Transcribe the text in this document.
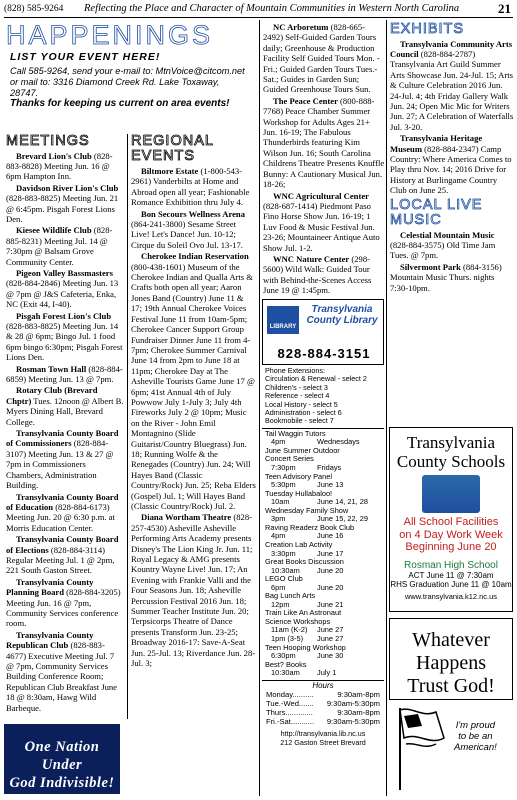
(828) 585-9264 Reflecting the Place and Character of Mountain Communities in Western North Carolina	21
HAPPENINGS
LIST YOUR EVENT HERE!
Call 585-9264, send your e-mail to: MtnVoice@citcom.net
or mail to: 3316 Diamond Creek Rd. Lake Toxaway, 28747.
Thanks for keeping us current on area events!
MEETINGS

Brevard Lion's Club (828-883-8828) Meeting Jun. 16 @ 6pm Hampton Inn.

Davidson River Lion's Club (828-883-8825) Meeting Jun. 21 @ 6:45pm. Pisgah Forest Lions Den.

Kiesee Wildlife Club (828-885-8231) Meeting Jul. 14 @ 7:30pm @ Balsam Grove Community Center.

Pigeon Valley Bassmasters (828-884-2846) Meeting Jun. 13 @ 7pm @ J&S Cafeteria, Enka, NC (Exit 44, I-40).

Pisgah Forest Lion's Club (828-883-8825) Meeting Jun. 14 & 28 @ 6pm; Bingo Jul. 1 food 6pm bingo 6:30pm; Pisgah Forest Lions Den.

Rosman Town Hall (828-884-6859) Meeting Jun. 13 @ 7pm.

Rotary Club (Brevard Chptr) Tues. 12noon @ Albert B. Myers Dining Hall, Brevard College.

Transylvania County Board of Commissioners (828-884-3107) Meeting Jun. 13 & 27 @ 7pm in Commissioners Chambers, Administration Building.

Transylvania County Board of Education (828-884-6173) Meeting Jun. 20 @ 6:30 p.m. at Morris Education Center.

Transylvania County Board of Elections (828-884-3114) Regular Meeting Jul. 1 @ 2pm, 221 South Gaston Street.

Transylvania County Planning Board (828-884-3205) Meeting Jun. 16 @ 7pm, Community Services conference room.

Transylvania County Republican Club (828-883-4677) Executive Meeting Jul. 7 @ 7pm, Community Services Building Conference Room; Republican Club Breakfast June 18 @ 8:30am, Hawg Wild Barbeque.

REGIONAL EVENTS

Biltmore Estate (1-800-543-2961) Vanderbilts at Home and Abroad open all year; Fashionable Romance Exhibition thru July 4.

Bon Secours Wellness Arena (864-241-3800) Sesame Street Live! Let's Dance! Jun. 10-12; Cirque du Soleil Ovo Jul. 13-17.

Cherokee Indian Reservation (800-438-1601) Museum of the Cherokee Indian and Qualla Arts & Crafts both open all year; Aaron Jones Band (Country) June 11 & 17; 19th Annual Cherokee Voices Festival June 11 from 10am-5pm; Cherokee Cancer Support Group Fundraiser Dinner June 11 from 4-7pm; Cherokee Summer Carnival June 14 from 2pm to June 18 at 11pm; Cherokee Day at The Asheville Tourists Game June 17 @ 6pm; 41st Annual 4th of July Powwow July 1-July 3; July 4th Fireworks July 2 @ 10pm; Music on the River - John Emil Montagnino (Slide Guitarist/Country Bluegrass) Jun. 18; Running Wolfe & the Renegades (Country) Jun. 24; Will Hayes Band (Classic Country/Rock) Jun. 25; Reba Elders (Gospel) Jul. 1; Will Hayes Band (Classic Country/Rock) Jul. 2.

Diana Wortham Theatre (828-257-4530) Asheville Asheville Performing Arts Academy presents Disney's The Lion King Jr. Jun. 11; Royal Legacy & AMG presents Kountry Wayne Live! Jun. 17; An Evening with Frankie Valli and the Four Seasons Jun. 18; Asheville Percussion Festival 2016 Jun. 18; Summer Teacher Institute Jun. 20; Terpsicorps Theatre of Dance presents Transform Jun. 23-25; Broadway 2016-17: Save-A-Seat Jun. 25-Jul. 13; Riverdance Jun. 28-Jul. 3;

NC Arboretum (828-665-2492) Self-Guided Garden Tours daily; Greenhouse & Production Facility Self Guided Tours Mon. - Fri.; Guided Garden Tours Tues.-Sat.; Guides in Garden Sun; Guided Greenhouse Tours Sun.

The Peace Center (800-888-7768) Peace Chamber Summer Workshop for Adults Ages 21+ Jun. 16-19; The Fabulous Thunderbirds featuring Kim Wilson Jun. 16; South Carolina Childrens Theatre Presents Knuffle Bunny: A Cautionary Musical Jun. 18-26;

WNC Agricultural Center (828-687-1414) Piedmont Paso Fino Horse Show Jun. 16-19; 1 Luv Food & Music Festival Jun. 23-26; Mountaineer Antique Auto Show Jul. 1-2.

WNC Nature Center (298-5600) Wild Walk: Guided Tour with Behind-the-Scenes Access June 19 @ 1:45pm.

LIBRARY
Transylvania County Library
828-884-3151
Phone Extensions:
Circulation & Renewal - select 2
Children's - select 3
Reference - select 4
Local History - select 5
Administration - select 6
Bookmobile - select 7
Tail Waggin Tutors
4pm	Wednesdays
June Summer Outdoor
Concert Series
7:30pm	Fridays
Teen Advisory Panel
5:30pm	June 13
Tuesday Hullabaloo!
10am	June 14, 21, 28
Wednesday Family Show
3pm	June 15, 22, 29
Raving Readerz Book Club
4pm	June 16
Creation Lab Activity
3:30pm	June 17
Great Books Discussion
10:30am	June 20
LEGO Club
6pm	June 20
Bag Lunch Arts
12pm	June 21
Train Like An Astronaut
Science Workshops
11am (K-2)	June 27
1pm (3-5)	June 27
Teen Hooping Workshop
6:30pm	June 30
Best? Books
10:30am	July 1
Hours
Monday..........	9:30am-8pm
Tue.-Wed....... 9:30am-5:30pm
Thurs.............	9:30am-8pm
Fri.-Sat........... 9:30am-5:30pm
http://transylvania.lib.nc.us
212 Gaston Street Brevard
EXHIBITS

Transylvania Community Arts Council (828-884-2787) Transylvania Art Guild Summer Arts Showcase Jun. 24-Jul. 15; Arts & Culture Celebration 2016 Jun. 24-Jul. 4; 4th Friday Gallery Walk Jun. 24; Open Mic Mic for Writers Jun. 27; A Celebration of Waterfalls Jul. 3-20.

Transylvania Heritage Museum (828-884-2347) Camp Country: Where America Comes to Play thru Nov. 14; 2016 Drive for History at Burlingame Country Club on June 25.

LOCAL LIVE MUSIC

Celestial Mountain Music (828-884-3575) Old Time Jam Tues. @ 7pm.

Silvermont Park (884-3156) Mountain Music Thurs. nights 7:30-10pm.

Transylvania
County Schools
All School Facilities on 4 Day Work Week Beginning June 20
Rosman High School
ACT June 11 @ 7:30am
RHS Graduation June 11 @ 10am
www.transylvania.k12.nc.us
Whatever Happens
Trust God!
One Nation Under
God Indivisible!
I'm proud
to be an
American!
